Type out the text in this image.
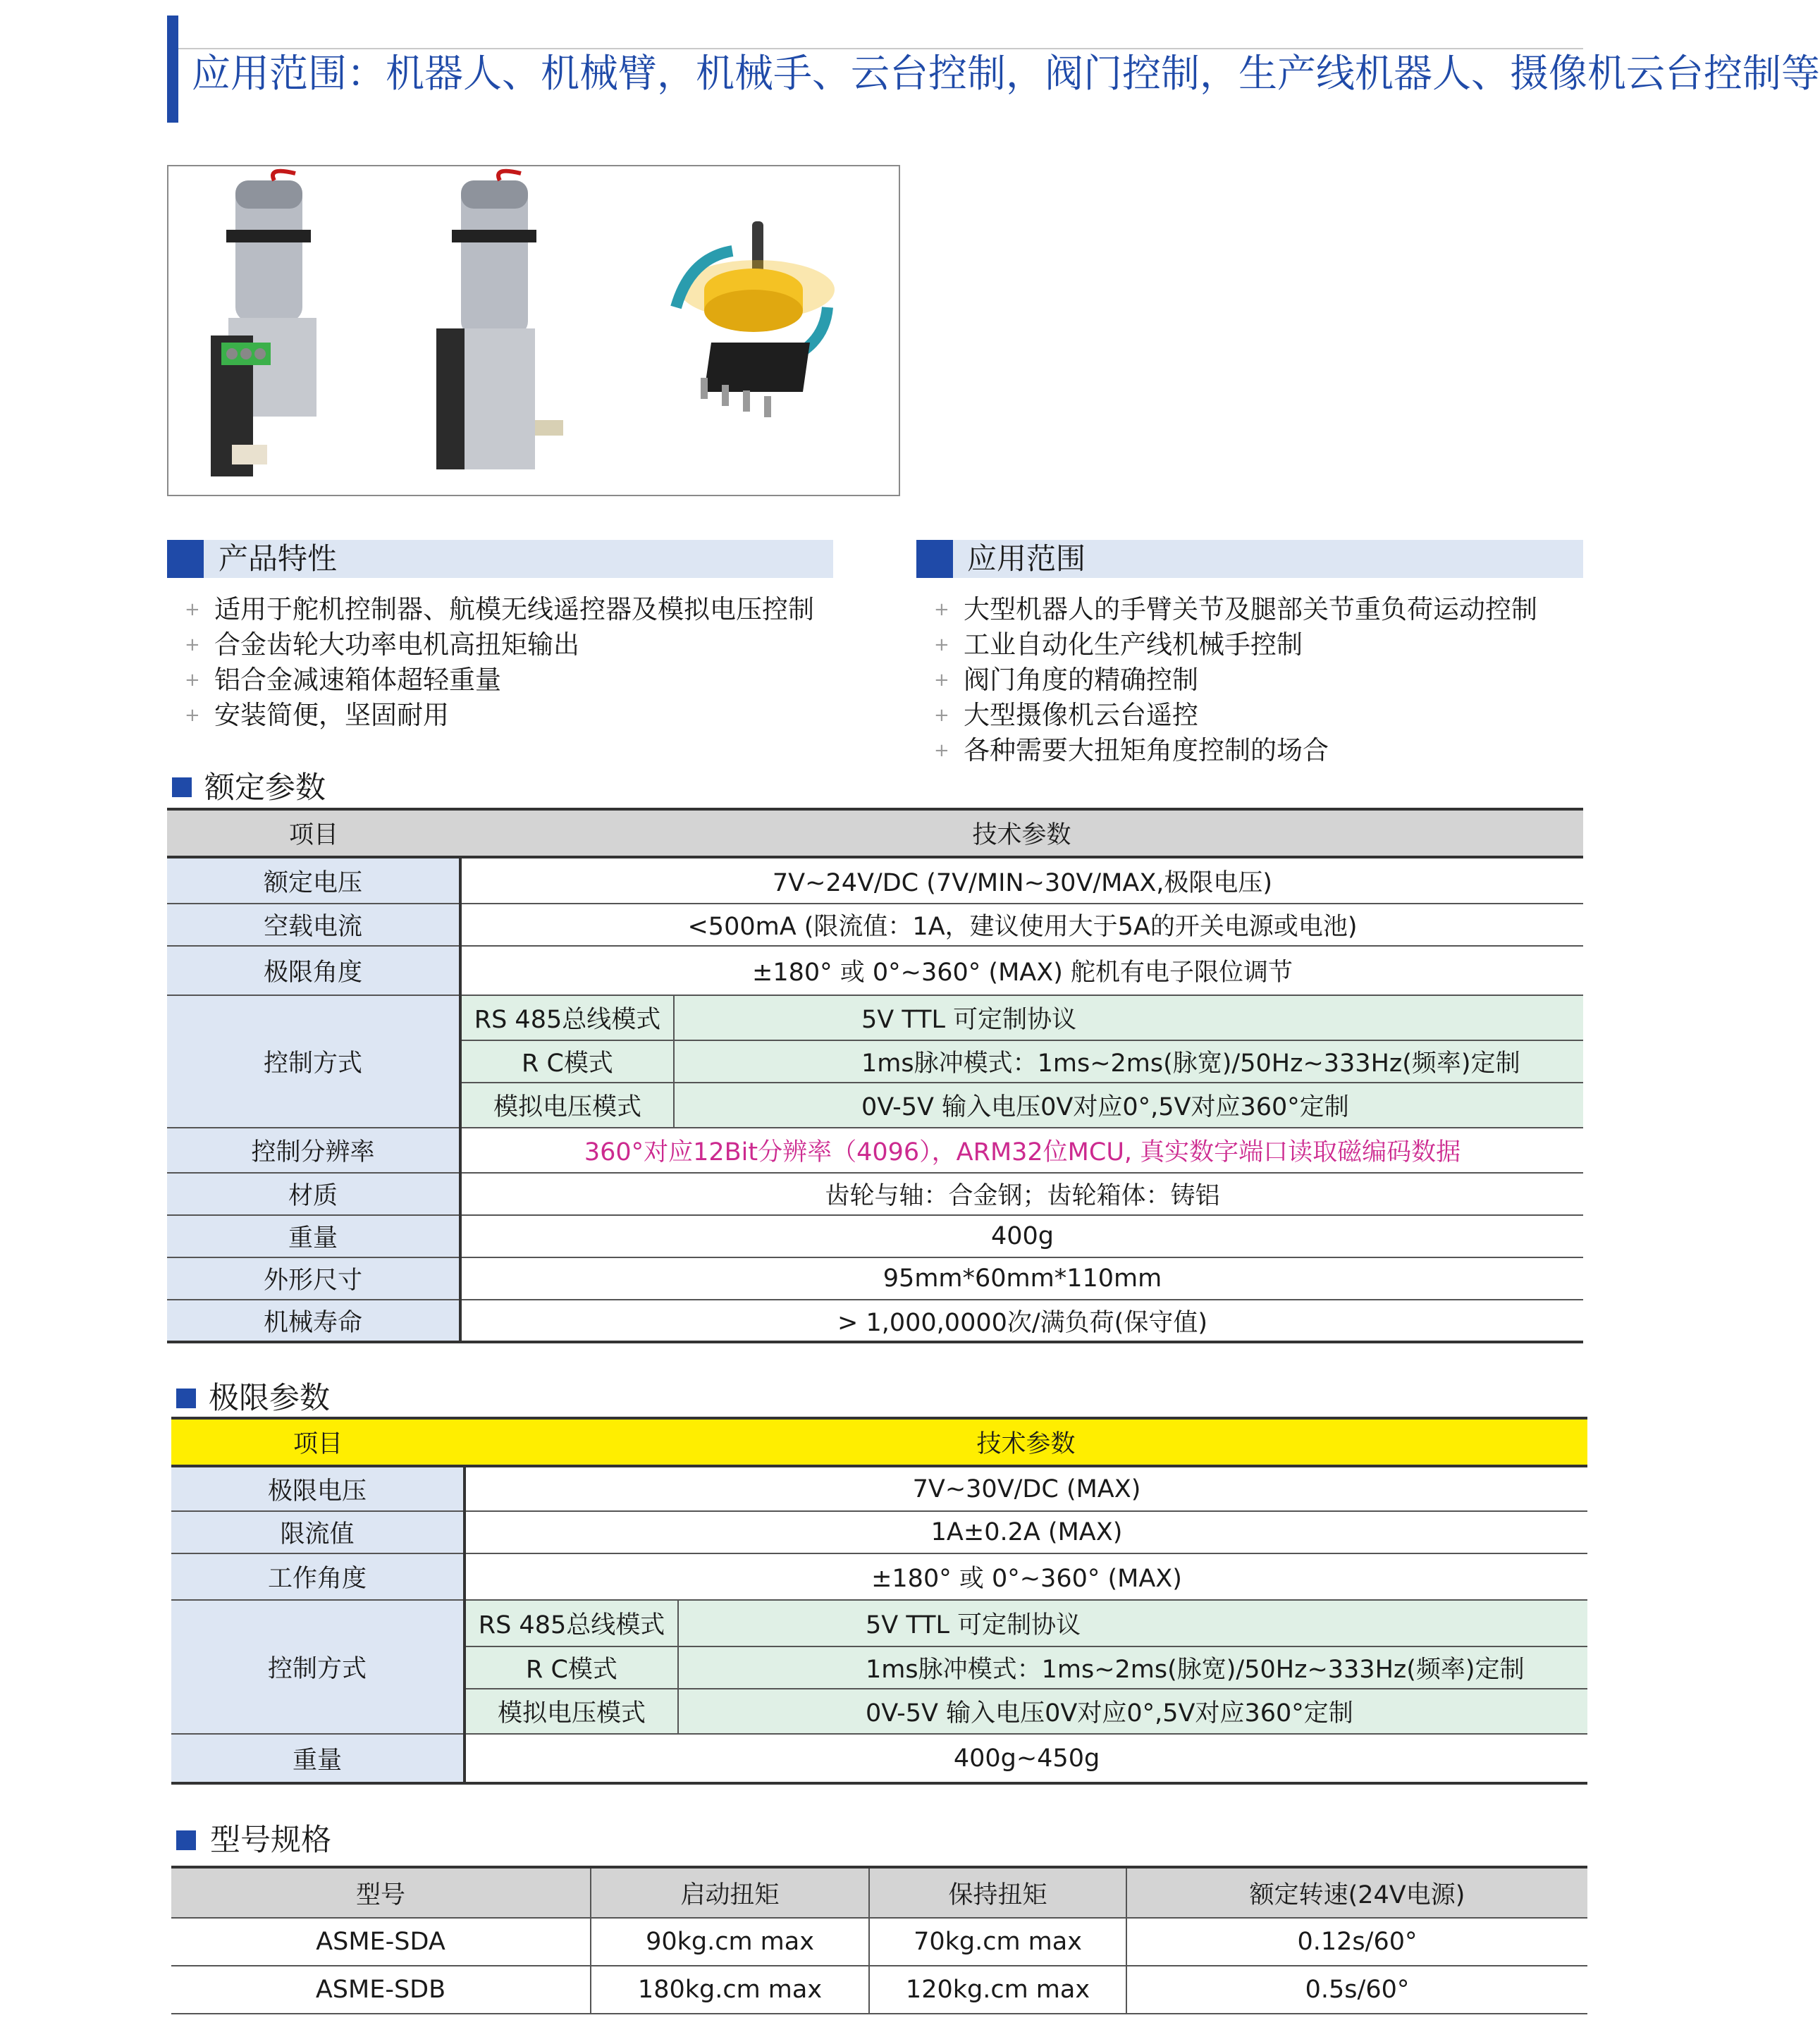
应用范围：机器人、机械臂，机械手、云台控制，阀门控制，生产线机器人、摄像机云台控制等
产品特性
+ 适用于舵机控制器、航模无线遥控器及模拟电压控制
+ 合金齿轮大功率电机高扭矩输出
+ 铝合金减速箱体超轻重量
+ 安装简便，坚固耐用
应用范围
+ 大型机器人的手臂关节及腿部关节重负荷运动控制
+ 工业自动化生产线机械手控制
+ 阀门角度的精确控制
+ 大型摄像机云台遥控
+ 各种需要大扭矩角度控制的场合
额定参数
项目	技术参数	
额定电压	7V~24V/DC (7V/MIN~30V/MAX,极限电压)	
空载电流	<500mA (限流值：1A，建议使用大于5A的开关电源或电池)	
极限角度	±180° 或 0°~360° (MAX) 舵机有电子限位调节	
控制方式	RS 485总线模式	5V TTL 可定制协议
	R C模式	1ms脉冲模式：1ms~2ms(脉宽)/50Hz~333Hz(频率)定制
	模拟电压模式	0V-5V 输入电压0V对应0°,5V对应360°定制
控制分辨率	360°对应12Bit分辨率（4096），ARM32位MCU, 真实数字端口读取磁编码数据	
材质	齿轮与轴：合金钢；齿轮箱体：铸铝	
重量	400g	
外形尺寸	95mm*60mm*110mm	
机械寿命	> 1,000,0000次/满负荷(保守值)	
极限参数
项目	技术参数	
极限电压	7V~30V/DC (MAX)	
限流值	1A±0.2A (MAX)	
工作角度	±180° 或 0°~360° (MAX)	
控制方式	RS 485总线模式	5V TTL 可定制协议
	R C模式	1ms脉冲模式：1ms~2ms(脉宽)/50Hz~333Hz(频率)定制
	模拟电压模式	0V-5V 输入电压0V对应0°,5V对应360°定制
重量	400g~450g	
型号规格
型号	启动扭矩	保持扭矩	额定转速(24V电源)
ASME-SDA	90kg.cm max	70kg.cm max	0.12s/60°
ASME-SDB	180kg.cm max	120kg.cm max	0.5s/60°
